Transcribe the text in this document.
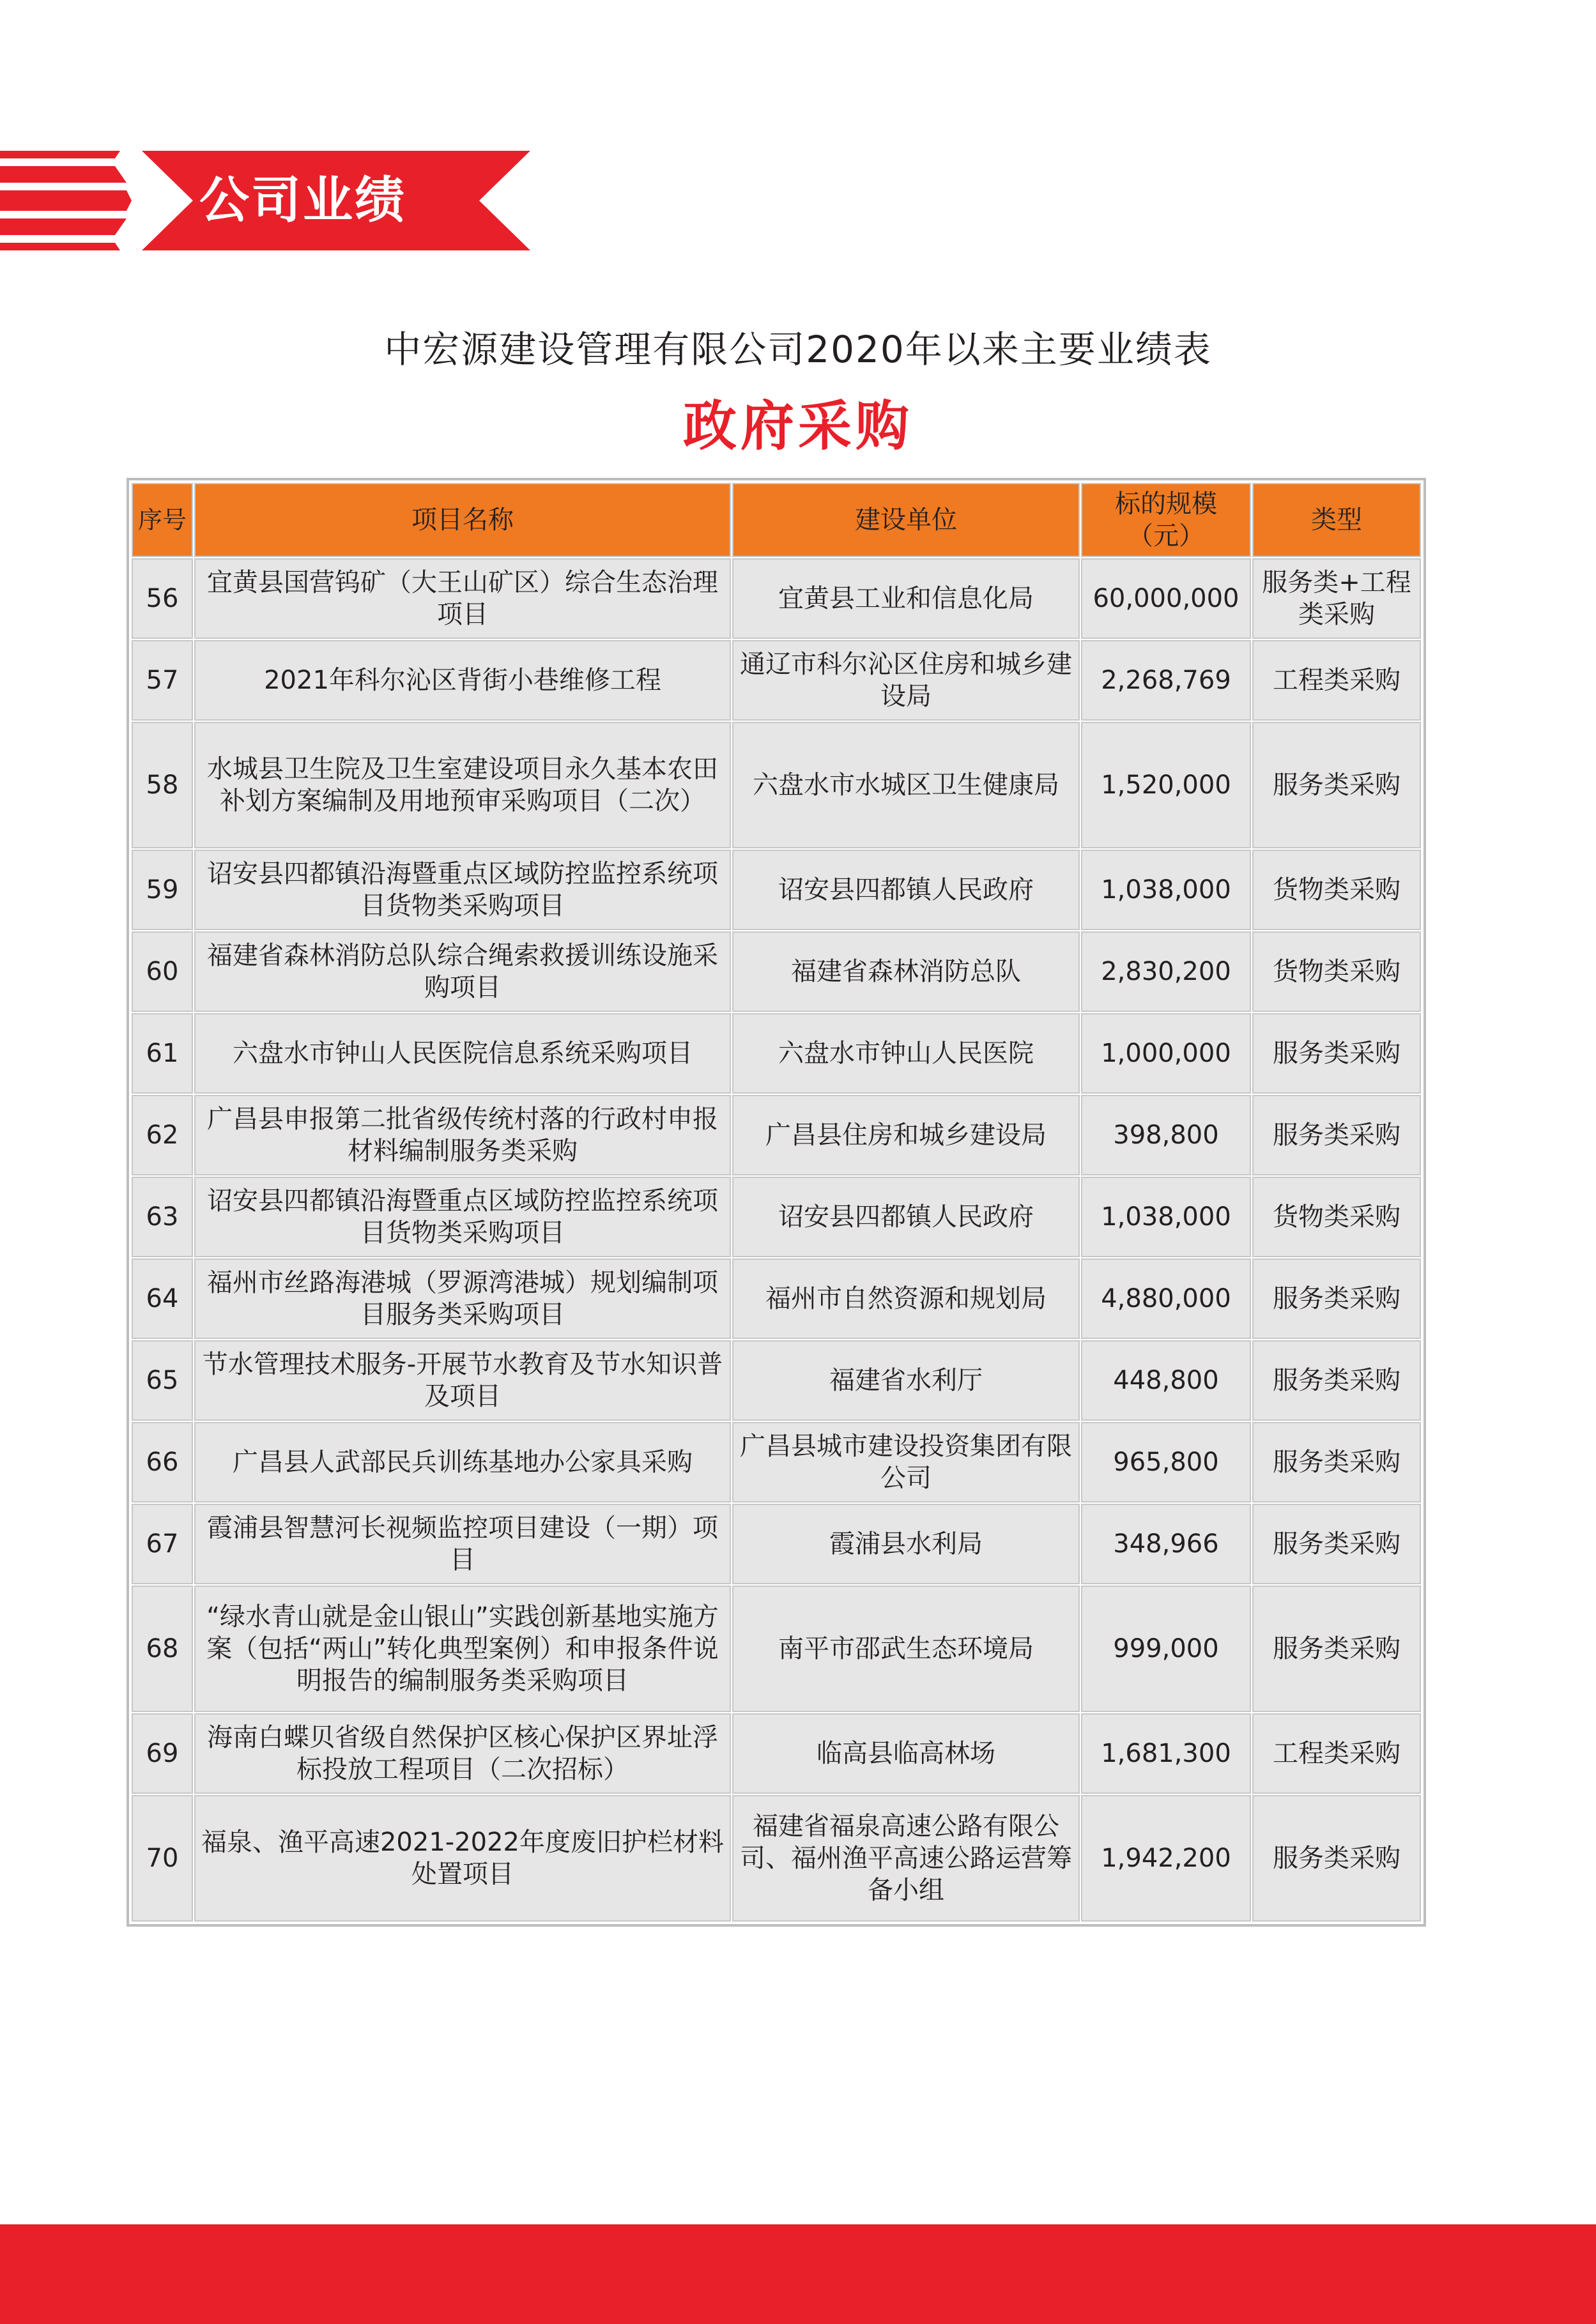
公司业绩
中宏源建设管理有限公司2020年以来主要业绩表
政府采购
序号	项目名称	建设单位	标的规模（元）	类型
56	宜黄县国营钨矿（大王山矿区）综合生态治理项目	宜黄县工业和信息化局	60,000,000	服务类+工程类采购
57	2021年科尔沁区背街小巷维修工程	通辽市科尔沁区住房和城乡建设局	2,268,769	工程类采购
58	水城县卫生院及卫生室建设项目永久基本农田补划方案编制及用地预审采购项目（二次）	六盘水市水城区卫生健康局	1,520,000	服务类采购
59	诏安县四都镇沿海暨重点区域防控监控系统项目货物类采购项目	诏安县四都镇人民政府	1,038,000	货物类采购
60	福建省森林消防总队综合绳索救援训练设施采购项目	福建省森林消防总队	2,830,200	货物类采购
61	六盘水市钟山人民医院信息系统采购项目	六盘水市钟山人民医院	1,000,000	服务类采购
62	广昌县申报第二批省级传统村落的行政村申报材料编制服务类采购	广昌县住房和城乡建设局	398,800	服务类采购
63	诏安县四都镇沿海暨重点区域防控监控系统项目货物类采购项目	诏安县四都镇人民政府	1,038,000	货物类采购
64	福州市丝路海港城（罗源湾港城）规划编制项目服务类采购项目	福州市自然资源和规划局	4,880,000	服务类采购
65	节水管理技术服务-开展节水教育及节水知识普及项目	福建省水利厅	448,800	服务类采购
66	广昌县人武部民兵训练基地办公家具采购	广昌县城市建设投资集团有限公司	965,800	服务类采购
67	霞浦县智慧河长视频监控项目建设（一期）项目	霞浦县水利局	348,966	服务类采购
68	“绿水青山就是金山银山”实践创新基地实施方案（包括“两山”转化典型案例）和申报条件说明报告的编制服务类采购项目	南平市邵武生态环境局	999,000	服务类采购
69	海南白蝶贝省级自然保护区核心保护区界址浮标投放工程项目（二次招标）	临高县临高林场	1,681,300	工程类采购
70	福泉、渔平高速2021-2022年度废旧护栏材料处置项目	福建省福泉高速公路有限公司、福州渔平高速公路运营筹备小组	1,942,200	服务类采购
